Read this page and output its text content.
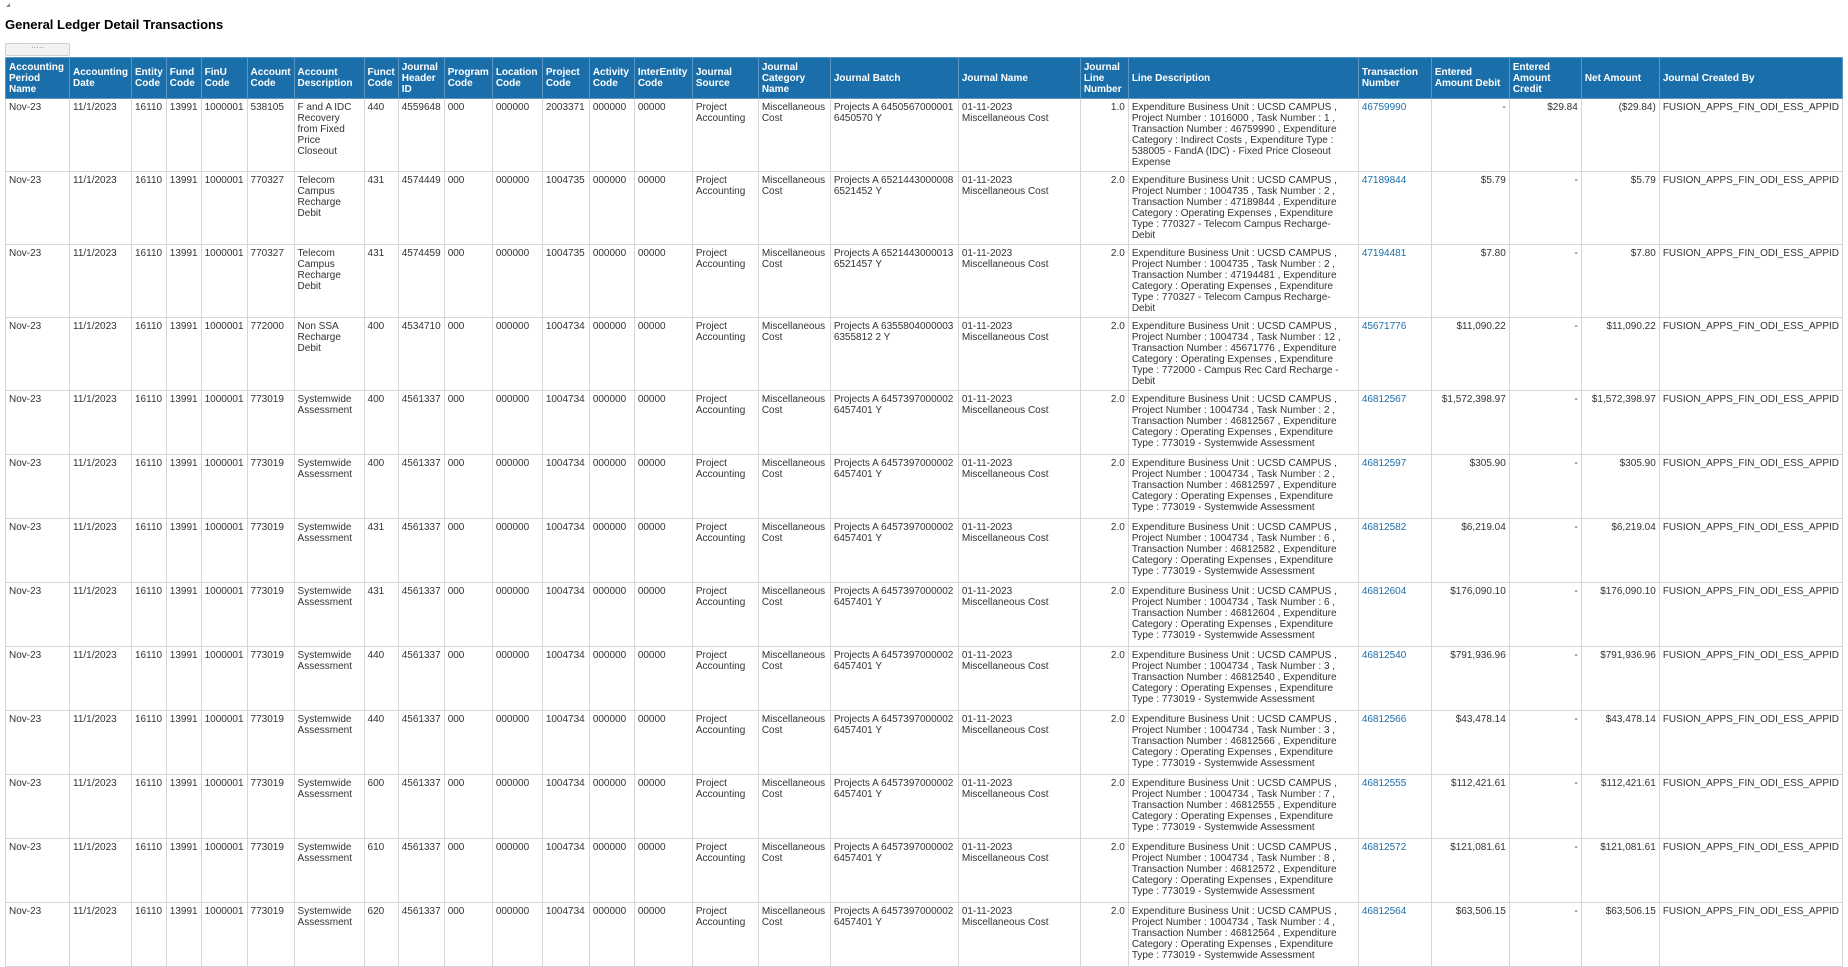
General Ledger Detail Transactions
·····
Accounting Period Name	Accounting Date	Entity Code	Fund Code	FinU Code	Account Code	Account Description	Funct Code	Journal Header ID	Program Code	Location Code	Project Code	Activity Code	InterEntity Code	Journal Source	Journal Category Name	Journal Batch	Journal Name	Journal Line Number	Line Description	Transaction Number	Entered Amount Debit	Entered Amount Credit	Net Amount	Journal Created By
Nov-23	11/1/2023	16110	13991	1000001	538105	F and A IDC Recovery from Fixed Price Closeout	440	4559648	000	000000	2003371	000000	00000	Project Accounting	Miscellaneous Cost	Projects A 6450567000001 6450570 Y	01-11-2023 Miscellaneous Cost	1.0	Expenditure Business Unit : UCSD CAMPUS , Project Number : 1016000 , Task Number : 1 , Transaction Number : 46759990 , Expenditure Category : Indirect Costs , Expenditure Type : 538005 - FandA (IDC) - Fixed Price Closeout Expense	46759990	-	$29.84	($29.84)	FUSION_APPS_FIN_ODI_ESS_APPID
Nov-23	11/1/2023	16110	13991	1000001	770327	Telecom Campus Recharge Debit	431	4574449	000	000000	1004735	000000	00000	Project Accounting	Miscellaneous Cost	Projects A 6521443000008 6521452 Y	01-11-2023 Miscellaneous Cost	2.0	Expenditure Business Unit : UCSD CAMPUS , Project Number : 1004735 , Task Number : 2 , Transaction Number : 47189844 , Expenditure Category : Operating Expenses , Expenditure Type : 770327 - Telecom Campus Recharge- Debit	47189844	$5.79	-	$5.79	FUSION_APPS_FIN_ODI_ESS_APPID
Nov-23	11/1/2023	16110	13991	1000001	770327	Telecom Campus Recharge Debit	431	4574459	000	000000	1004735	000000	00000	Project Accounting	Miscellaneous Cost	Projects A 6521443000013 6521457 Y	01-11-2023 Miscellaneous Cost	2.0	Expenditure Business Unit : UCSD CAMPUS , Project Number : 1004735 , Task Number : 2 , Transaction Number : 47194481 , Expenditure Category : Operating Expenses , Expenditure Type : 770327 - Telecom Campus Recharge- Debit	47194481	$7.80	-	$7.80	FUSION_APPS_FIN_ODI_ESS_APPID
Nov-23	11/1/2023	16110	13991	1000001	772000	Non SSA Recharge Debit	400	4534710	000	000000	1004734	000000	00000	Project Accounting	Miscellaneous Cost	Projects A 6355804000003 6355812 2 Y	01-11-2023 Miscellaneous Cost	2.0	Expenditure Business Unit : UCSD CAMPUS , Project Number : 1004734 , Task Number : 12 , Transaction Number : 45671776 , Expenditure Category : Operating Expenses , Expenditure Type : 772000 - Campus Rec Card Recharge - Debit	45671776	$11,090.22	-	$11,090.22	FUSION_APPS_FIN_ODI_ESS_APPID
Nov-23	11/1/2023	16110	13991	1000001	773019	Systemwide Assessment	400	4561337	000	000000	1004734	000000	00000	Project Accounting	Miscellaneous Cost	Projects A 6457397000002 6457401 Y	01-11-2023 Miscellaneous Cost	2.0	Expenditure Business Unit : UCSD CAMPUS , Project Number : 1004734 , Task Number : 2 , Transaction Number : 46812567 , Expenditure Category : Operating Expenses , Expenditure Type : 773019 - Systemwide Assessment	46812567	$1,572,398.97	-	$1,572,398.97	FUSION_APPS_FIN_ODI_ESS_APPID
Nov-23	11/1/2023	16110	13991	1000001	773019	Systemwide Assessment	400	4561337	000	000000	1004734	000000	00000	Project Accounting	Miscellaneous Cost	Projects A 6457397000002 6457401 Y	01-11-2023 Miscellaneous Cost	2.0	Expenditure Business Unit : UCSD CAMPUS , Project Number : 1004734 , Task Number : 2 , Transaction Number : 46812597 , Expenditure Category : Operating Expenses , Expenditure Type : 773019 - Systemwide Assessment	46812597	$305.90	-	$305.90	FUSION_APPS_FIN_ODI_ESS_APPID
Nov-23	11/1/2023	16110	13991	1000001	773019	Systemwide Assessment	431	4561337	000	000000	1004734	000000	00000	Project Accounting	Miscellaneous Cost	Projects A 6457397000002 6457401 Y	01-11-2023 Miscellaneous Cost	2.0	Expenditure Business Unit : UCSD CAMPUS , Project Number : 1004734 , Task Number : 6 , Transaction Number : 46812582 , Expenditure Category : Operating Expenses , Expenditure Type : 773019 - Systemwide Assessment	46812582	$6,219.04	-	$6,219.04	FUSION_APPS_FIN_ODI_ESS_APPID
Nov-23	11/1/2023	16110	13991	1000001	773019	Systemwide Assessment	431	4561337	000	000000	1004734	000000	00000	Project Accounting	Miscellaneous Cost	Projects A 6457397000002 6457401 Y	01-11-2023 Miscellaneous Cost	2.0	Expenditure Business Unit : UCSD CAMPUS , Project Number : 1004734 , Task Number : 6 , Transaction Number : 46812604 , Expenditure Category : Operating Expenses , Expenditure Type : 773019 - Systemwide Assessment	46812604	$176,090.10	-	$176,090.10	FUSION_APPS_FIN_ODI_ESS_APPID
Nov-23	11/1/2023	16110	13991	1000001	773019	Systemwide Assessment	440	4561337	000	000000	1004734	000000	00000	Project Accounting	Miscellaneous Cost	Projects A 6457397000002 6457401 Y	01-11-2023 Miscellaneous Cost	2.0	Expenditure Business Unit : UCSD CAMPUS , Project Number : 1004734 , Task Number : 3 , Transaction Number : 46812540 , Expenditure Category : Operating Expenses , Expenditure Type : 773019 - Systemwide Assessment	46812540	$791,936.96	-	$791,936.96	FUSION_APPS_FIN_ODI_ESS_APPID
Nov-23	11/1/2023	16110	13991	1000001	773019	Systemwide Assessment	440	4561337	000	000000	1004734	000000	00000	Project Accounting	Miscellaneous Cost	Projects A 6457397000002 6457401 Y	01-11-2023 Miscellaneous Cost	2.0	Expenditure Business Unit : UCSD CAMPUS , Project Number : 1004734 , Task Number : 3 , Transaction Number : 46812566 , Expenditure Category : Operating Expenses , Expenditure Type : 773019 - Systemwide Assessment	46812566	$43,478.14	-	$43,478.14	FUSION_APPS_FIN_ODI_ESS_APPID
Nov-23	11/1/2023	16110	13991	1000001	773019	Systemwide Assessment	600	4561337	000	000000	1004734	000000	00000	Project Accounting	Miscellaneous Cost	Projects A 6457397000002 6457401 Y	01-11-2023 Miscellaneous Cost	2.0	Expenditure Business Unit : UCSD CAMPUS , Project Number : 1004734 , Task Number : 7 , Transaction Number : 46812555 , Expenditure Category : Operating Expenses , Expenditure Type : 773019 - Systemwide Assessment	46812555	$112,421.61	-	$112,421.61	FUSION_APPS_FIN_ODI_ESS_APPID
Nov-23	11/1/2023	16110	13991	1000001	773019	Systemwide Assessment	610	4561337	000	000000	1004734	000000	00000	Project Accounting	Miscellaneous Cost	Projects A 6457397000002 6457401 Y	01-11-2023 Miscellaneous Cost	2.0	Expenditure Business Unit : UCSD CAMPUS , Project Number : 1004734 , Task Number : 8 , Transaction Number : 46812572 , Expenditure Category : Operating Expenses , Expenditure Type : 773019 - Systemwide Assessment	46812572	$121,081.61	-	$121,081.61	FUSION_APPS_FIN_ODI_ESS_APPID
Nov-23	11/1/2023	16110	13991	1000001	773019	Systemwide Assessment	620	4561337	000	000000	1004734	000000	00000	Project Accounting	Miscellaneous Cost	Projects A 6457397000002 6457401 Y	01-11-2023 Miscellaneous Cost	2.0	Expenditure Business Unit : UCSD CAMPUS , Project Number : 1004734 , Task Number : 4 , Transaction Number : 46812564 , Expenditure Category : Operating Expenses , Expenditure Type : 773019 - Systemwide Assessment	46812564	$63,506.15	-	$63,506.15	FUSION_APPS_FIN_ODI_ESS_APPID
